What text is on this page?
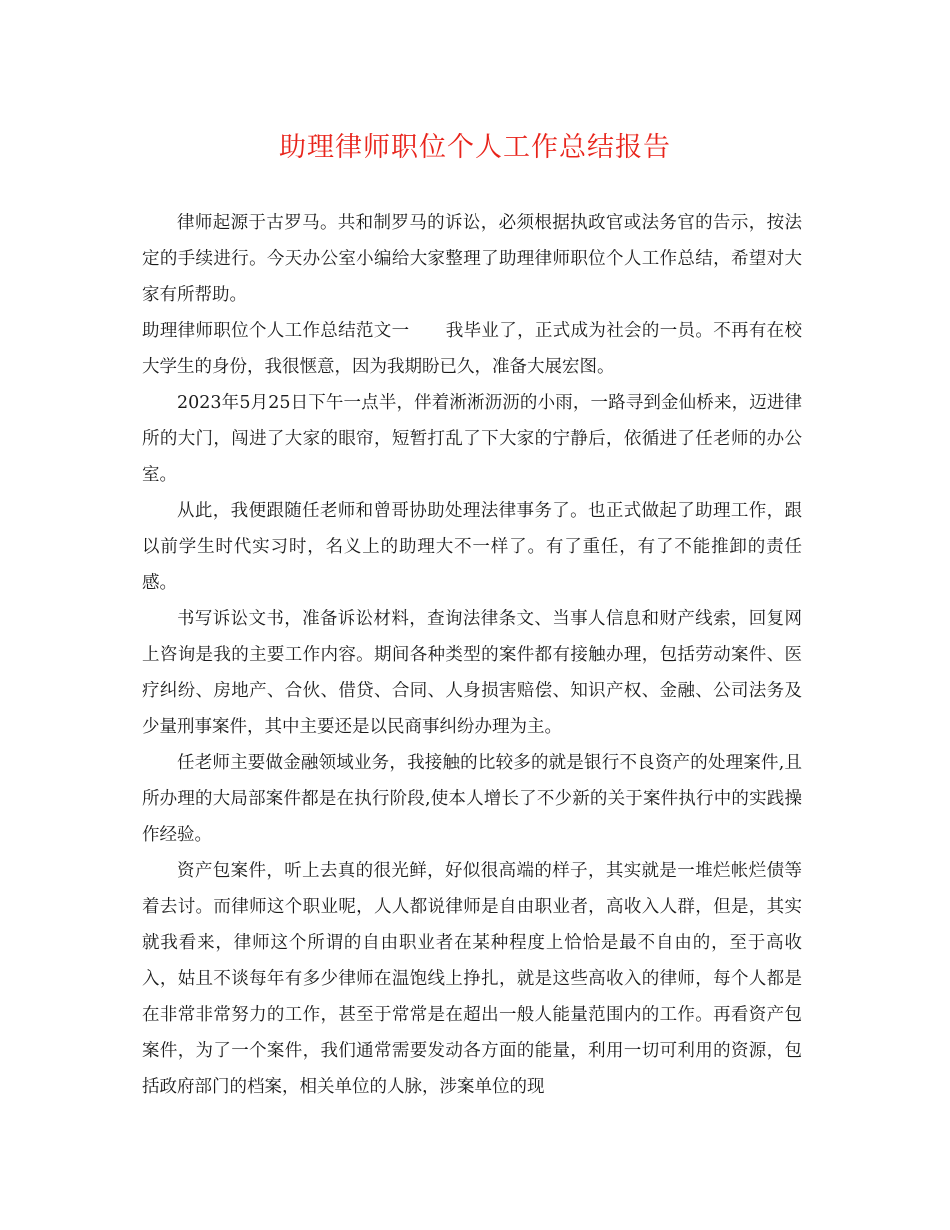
助理律师职位个人工作总结报告

律师起源于古罗马。共和制罗马的诉讼，必须根据执政官或法务官的告示，按法定的手续进行。今天办公室小编给大家整理了助理律师职位个人工作总结，希望对大家有所帮助。

助理律师职位个人工作总结范文一 我毕业了，正式成为社会的一员。不再有在校大学生的身份，我很惬意，因为我期盼已久，准备大展宏图。

2023年5月25日下午一点半，伴着淅淅沥沥的小雨，一路寻到金仙桥来，迈进律所的大门，闯进了大家的眼帘，短暂打乱了下大家的宁静后，依循进了任老师的办公室。

从此，我便跟随任老师和曾哥协助处理法律事务了。也正式做起了助理工作，跟以前学生时代实习时，名义上的助理大不一样了。有了重任，有了不能推卸的责任感。

书写诉讼文书，准备诉讼材料，查询法律条文、当事人信息和财产线索，回复网上咨询是我的主要工作内容。期间各种类型的案件都有接触办理，包括劳动案件、医疗纠纷、房地产、合伙、借贷、合同、人身损害赔偿、知识产权、金融、公司法务及少量刑事案件，其中主要还是以民商事纠纷办理为主。

任老师主要做金融领域业务，我接触的比较多的就是银行不良资产的处理案件,且所办理的大局部案件都是在执行阶段,使本人增长了不少新的关于案件执行中的实践操作经验。

资产包案件，听上去真的很光鲜，好似很高端的样子，其实就是一堆烂帐烂债等着去讨。而律师这个职业呢，人人都说律师是自由职业者，高收入人群，但是，其实就我看来，律师这个所谓的自由职业者在某种程度上恰恰是最不自由的，至于高收入，姑且不谈每年有多少律师在温饱线上挣扎，就是这些高收入的律师，每个人都是在非常非常努力的工作，甚至于常常是在超出一般人能量范围内的工作。再看资产包案件，为了一个案件，我们通常需要发动各方面的能量，利用一切可利用的资源，包括政府部门的档案，相关单位的人脉，涉案单位的现
